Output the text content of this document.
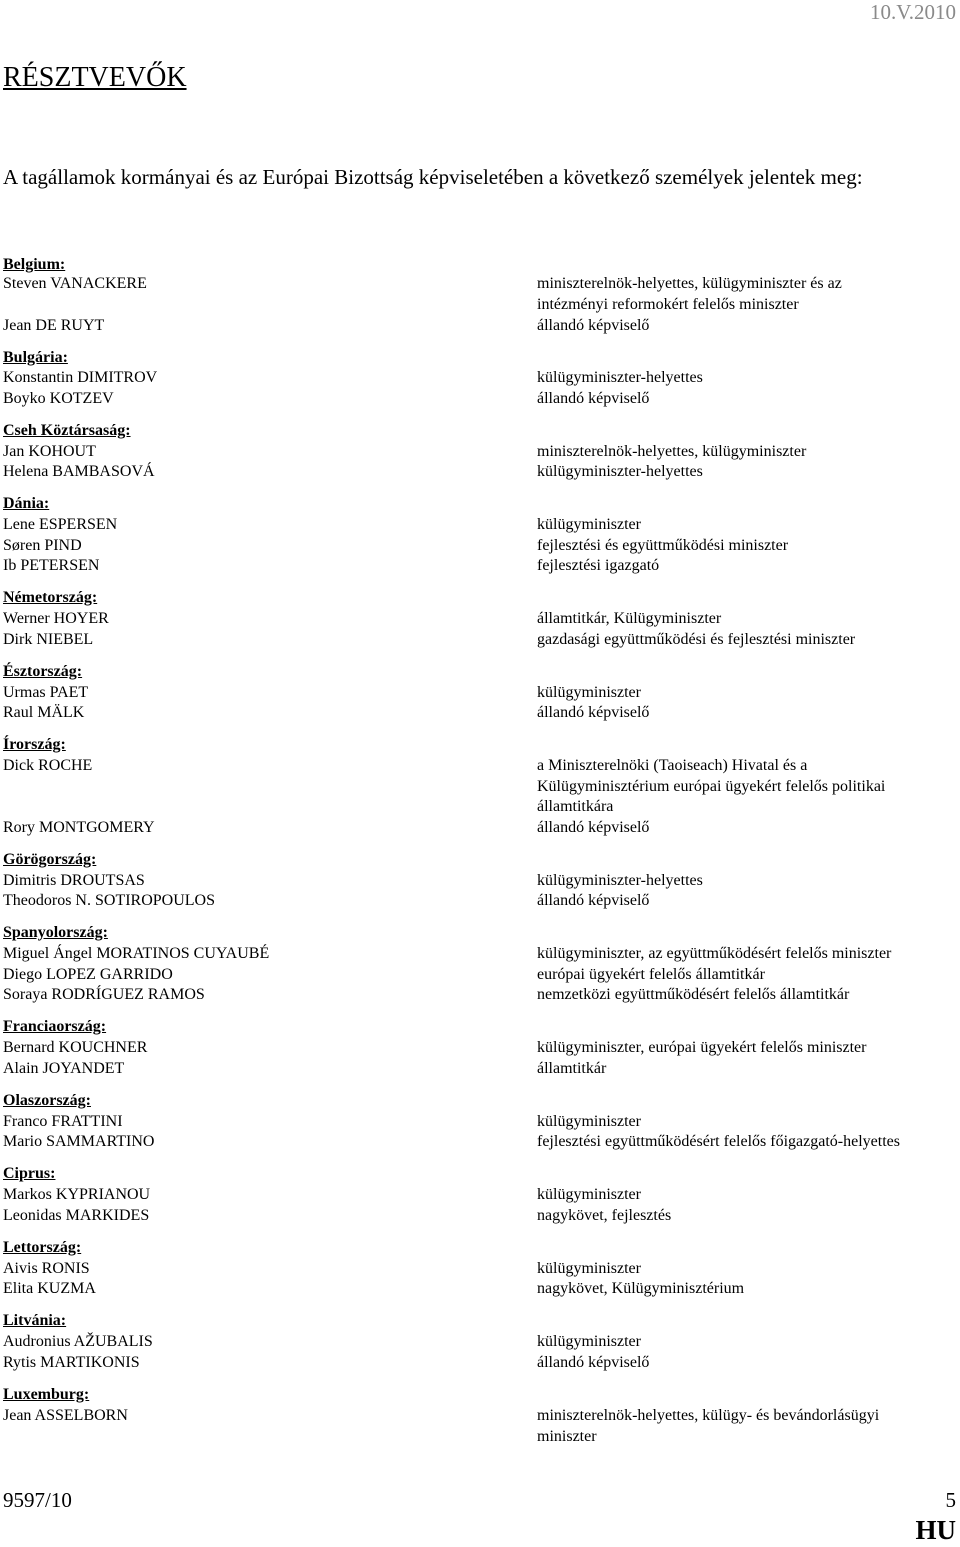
10.V.2010
RÉSZTVEVŐK

A tagállamok kormányai és az Európai Bizottság képviseletében a következő személyek jelentek meg:

Belgium:
Steven VANACKERE
Jean DE RUYT
Bulgária:
Konstantin DIMITROV
Boyko KOTZEV
Cseh Köztársaság:
Jan KOHOUT
Helena BAMBASOVÁ
Dánia:
Lene ESPERSEN
Søren PIND
Ib PETERSEN
Németország:
Werner HOYER
Dirk NIEBEL
Észtország:
Urmas PAET
Raul MÄLK
Írország:
Dick ROCHE
Rory MONTGOMERY
Görögország:
Dimitris DROUTSAS
Theodoros N. SOTIROPOULOS
Spanyolország:
Miguel Ángel MORATINOS CUYAUBÉ
Diego LOPEZ GARRIDO
Soraya RODRÍGUEZ RAMOS
Franciaország:
Bernard KOUCHNER
Alain JOYANDET
Olaszország:
Franco FRATTINI
Mario SAMMARTINO
Ciprus:
Markos KYPRIANOU
Leonidas MARKIDES
Lettország:
Aivis RONIS
Elita KUZMA
Litvánia:
Audronius AŽUBALIS
Rytis MARTIKONIS
Luxemburg:
Jean ASSELBORN
miniszterelnök-helyettes, külügyminiszter és az
intézményi reformokért felelős miniszter
állandó képviselő
külügyminiszter-helyettes
állandó képviselő
miniszterelnök-helyettes, külügyminiszter
külügyminiszter-helyettes
külügyminiszter
fejlesztési és együttműködési miniszter
fejlesztési igazgató
államtitkár, Külügyminiszter
gazdasági együttműködési és fejlesztési miniszter
külügyminiszter
állandó képviselő
a Miniszterelnöki (Taoiseach) Hivatal és a
Külügyminisztérium európai ügyekért felelős politikai
államtitkára
állandó képviselő
külügyminiszter-helyettes
állandó képviselő
külügyminiszter, az együttműködésért felelős miniszter
európai ügyekért felelős államtitkár
nemzetközi együttműködésért felelős államtitkár
külügyminiszter, európai ügyekért felelős miniszter
államtitkár
külügyminiszter
fejlesztési együttműködésért felelős főigazgató-helyettes
külügyminiszter
nagykövet, fejlesztés
külügyminiszter
nagykövet, Külügyminisztérium
külügyminiszter
állandó képviselő
miniszterelnök-helyettes, külügy- és bevándorlásügyi
miniszter
9597/10	5
HU
